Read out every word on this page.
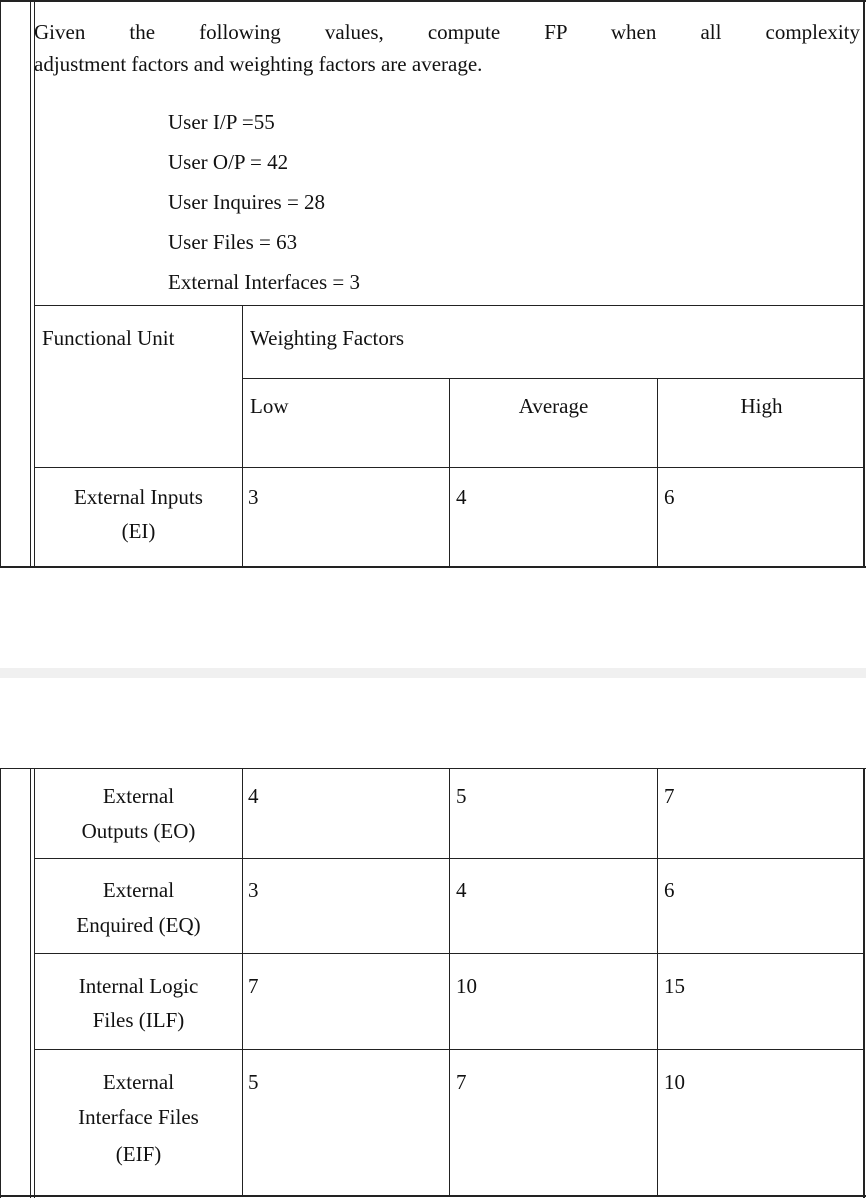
Given the following values, compute FP when all complexity
adjustment factors and weighting factors are average.
User I/P =55
User O/P = 42
User Inquires = 28
User Files = 63
External Interfaces = 3
Functional Unit	Weighting Factors
Low	Average	High
External Inputs
(EI)
3	4	6
External
Outputs (EO)
4	5	7
External
Enquired (EQ)
3	4	6
Internal Logic
Files (ILF)
7	10	15
External
Interface Files
(EIF)
5	7	10
